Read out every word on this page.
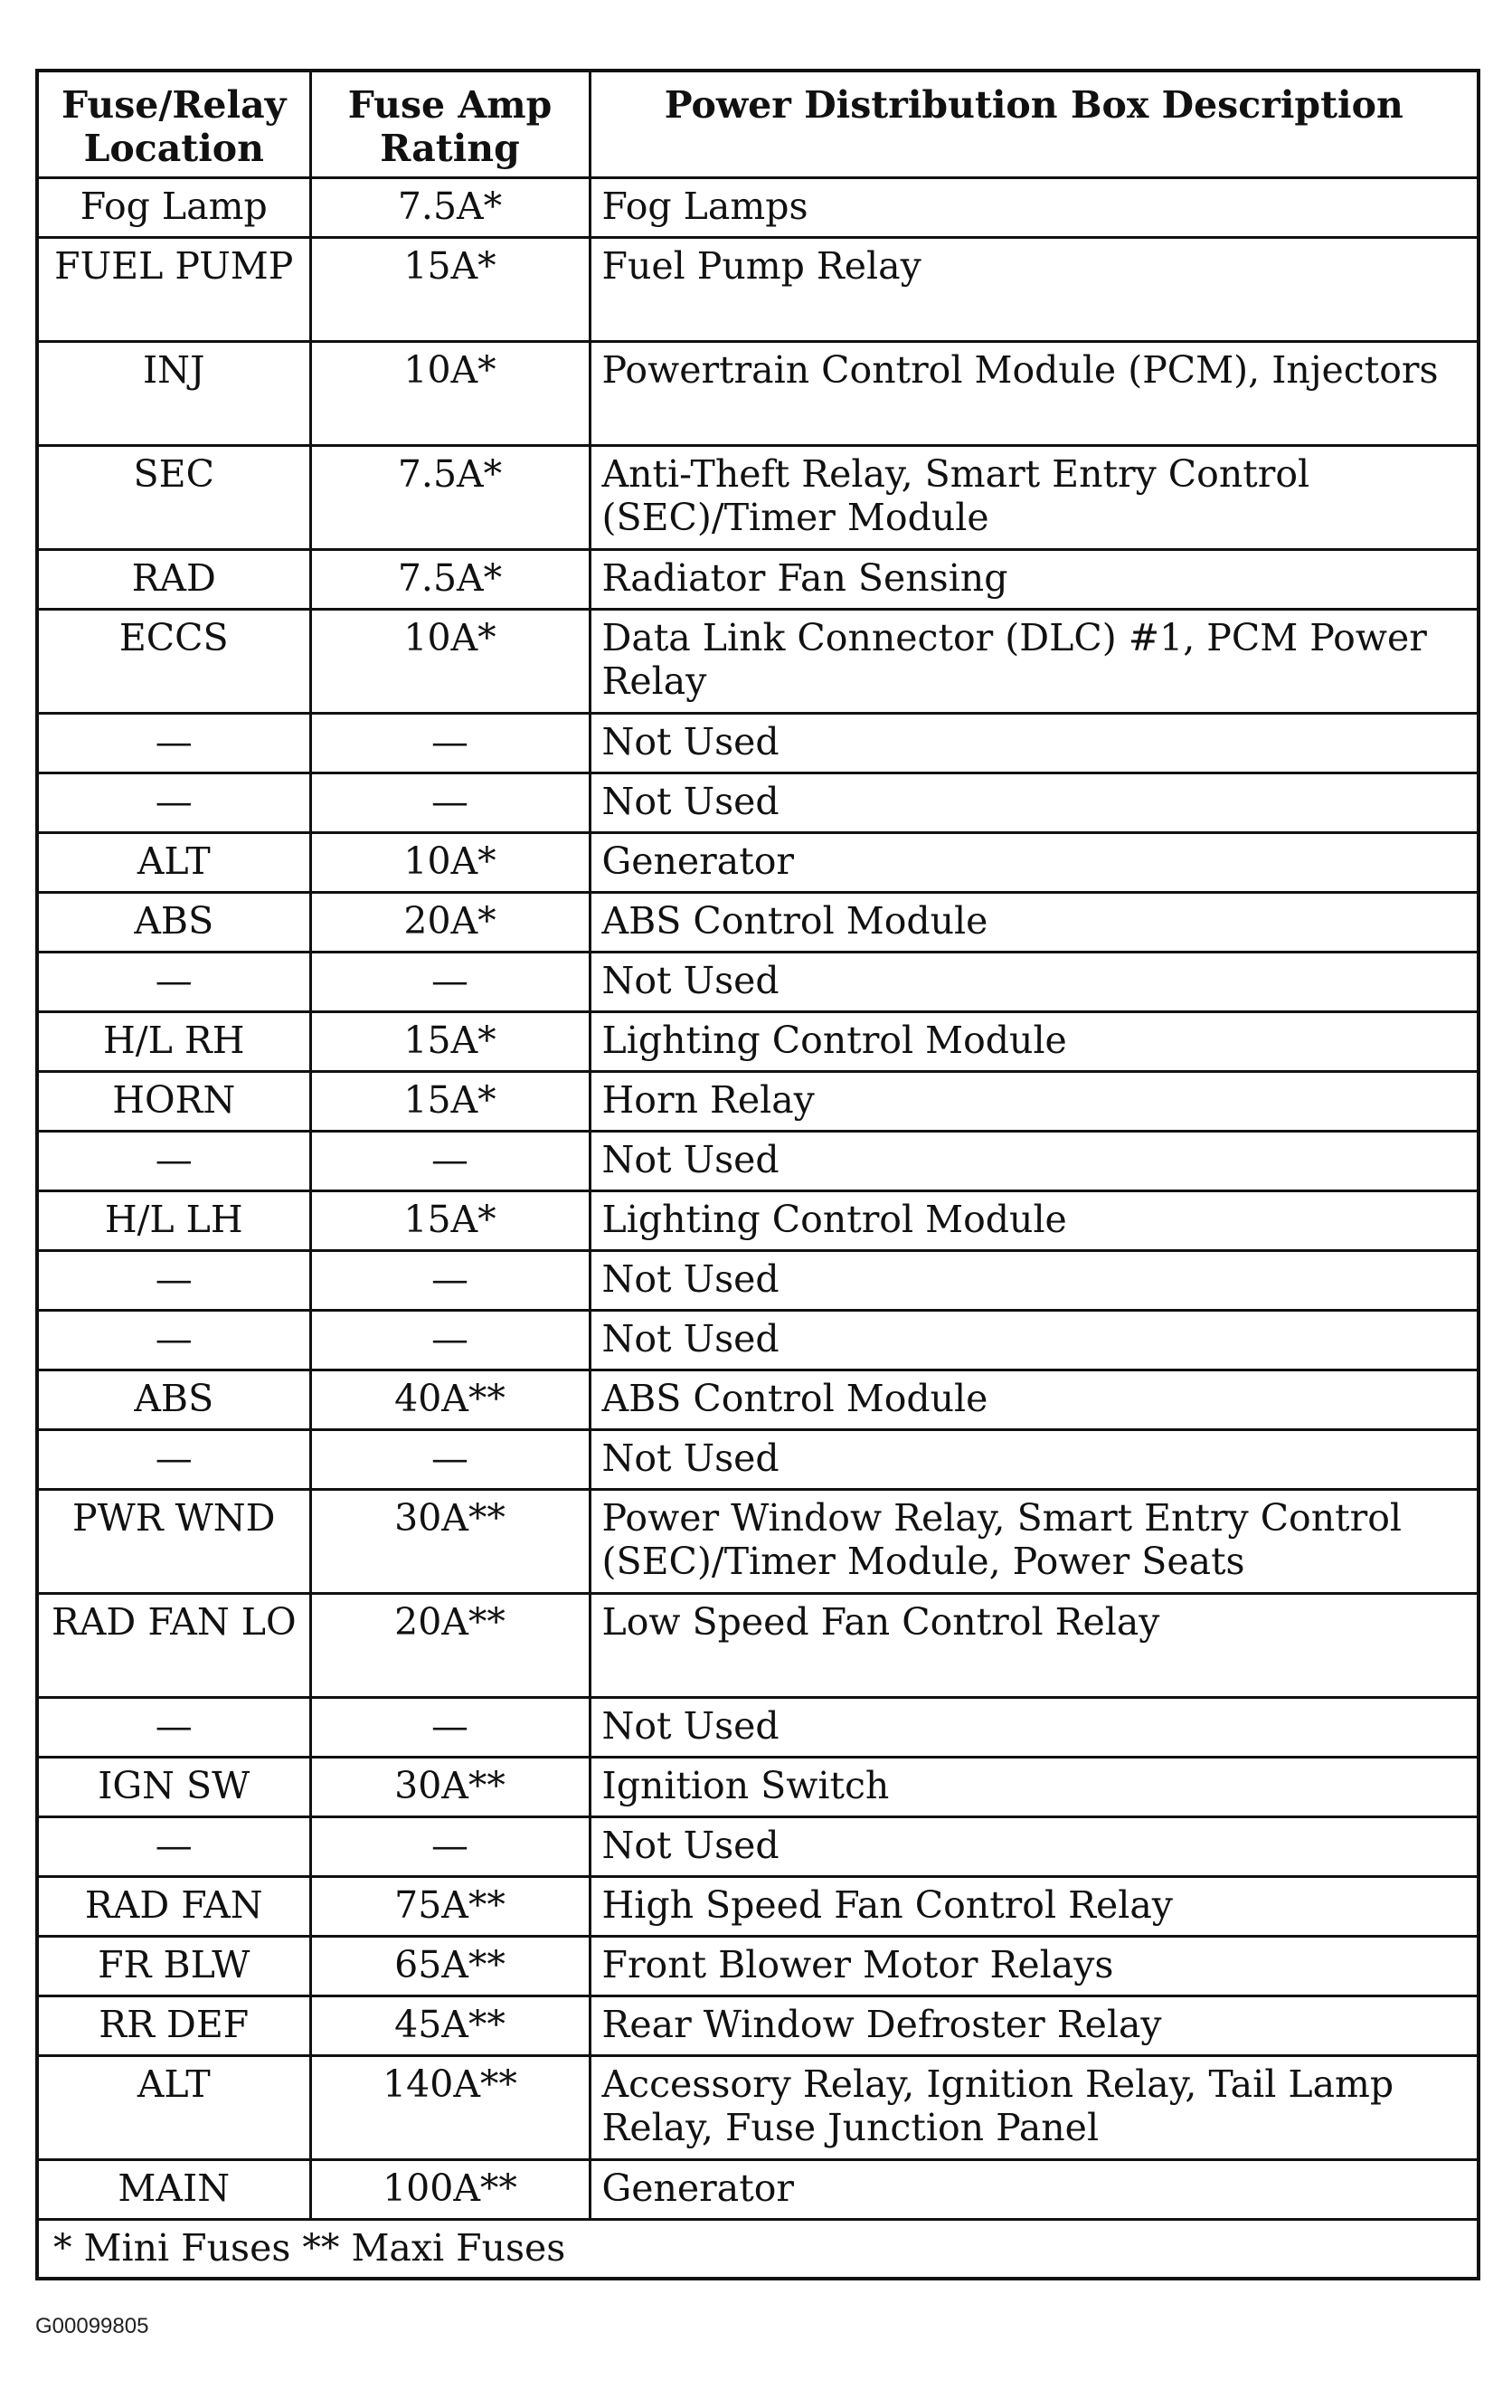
Fuse/Relay Location	Fuse Amp Rating	Power Distribution Box Description
Fog Lamp	7.5A*	Fog Lamps
FUEL PUMP	15A*	Fuel Pump Relay
INJ	10A*	Powertrain Control Module (PCM), Injectors
SEC	7.5A*	Anti-Theft Relay, Smart Entry Control (SEC)/Timer Module
RAD	7.5A*	Radiator Fan Sensing
ECCS	10A*	Data Link Connector (DLC) #1, PCM Power Relay
—	—	Not Used
—	—	Not Used
ALT	10A*	Generator
ABS	20A*	ABS Control Module
—	—	Not Used
H/L RH	15A*	Lighting Control Module
HORN	15A*	Horn Relay
—	—	Not Used
H/L LH	15A*	Lighting Control Module
—	—	Not Used
—	—	Not Used
ABS	40A**	ABS Control Module
—	—	Not Used
PWR WND	30A**	Power Window Relay, Smart Entry Control (SEC)/Timer Module, Power Seats
RAD FAN LO	20A**	Low Speed Fan Control Relay
—	—	Not Used
IGN SW	30A**	Ignition Switch
—	—	Not Used
RAD FAN	75A**	High Speed Fan Control Relay
FR BLW	65A**	Front Blower Motor Relays
RR DEF	45A**	Rear Window Defroster Relay
ALT	140A**	Accessory Relay, Ignition Relay, Tail Lamp Relay, Fuse Junction Panel
MAIN	100A**	Generator
* Mini Fuses ** Maxi Fuses		
G00099805
